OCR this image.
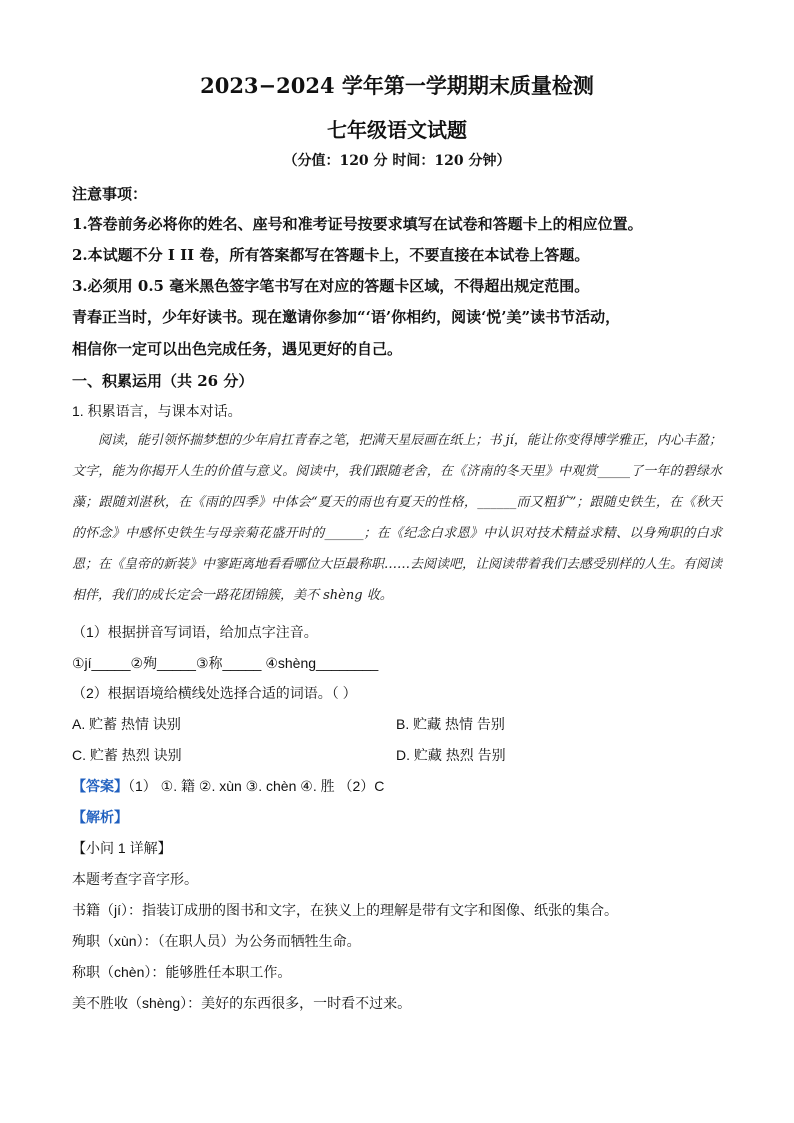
2023−2024 学年第一学期期末质量检测
七年级语文试题
（分值：120 分 时间：120 分钟）
注意事项：
1.答卷前务必将你的姓名、座号和准考证号按要求填写在试卷和答题卡上的相应位置。
2.本试题不分 I II 卷，所有答案都写在答题卡上，不要直接在本试卷上答题。
3.必须用 0.5 毫米黑色签字笔书写在对应的答题卡区域，不得超出规定范围。
青春正当时，少年好读书。现在邀请你参加“‘语’你相约，阅读‘悦’美”读书节活动，
相信你一定可以出色完成任务，遇见更好的自己。
一、积累运用（共 26 分）
1. 积累语言，与课本对话。
阅读，能引领怀揣梦想的少年肩扛青春之笔，把满天星辰画在纸上；书 jí，能让你变得博学雅正，内心丰盈；文字，能为你揭开人生的价值与意义。阅读中，我们跟随老舍，在《济南的冬天里》中观赏_____了一年的碧绿水藻；跟随刘湛秋，在《雨的四季》中体会“夏天的雨也有夏天的性格，______而又粗犷”；跟随史铁生，在《秋天的怀念》中感怀史铁生与母亲菊花盛开时的______；在《纪念白求恩》中认识对技术精益求精、以身殉职的白求恩；在《皇帝的新装》中寥距离地看看哪位大臣最称职……去阅读吧，让阅读带着我们去感受别样的人生。有阅读相伴，我们的成长定会一路花团锦簇，美不 shèng 收。
（1）根据拼音写词语，给加点字注音。
①jí_____②殉_____③称_____ ④shèng________
（2）根据语境给横线处选择合适的词语。（ ）
A. 贮蓄 热情 诀别	B. 贮藏 热情 告别
C. 贮蓄 热烈 诀别	D. 贮藏 热烈 告别
【答案】（1） ①. 籍 ②. xùn ③. chèn ④. 胜 （2）C
【解析】
【小问 1 详解】
本题考查字音字形。
书籍（jí）：指装订成册的图书和文字，在狭义上的理解是带有文字和图像、纸张的集合。
殉职（xùn）：（在职人员）为公务而牺牲生命。
称职（chèn）：能够胜任本职工作。
美不胜收（shèng）：美好的东西很多，一时看不过来。
